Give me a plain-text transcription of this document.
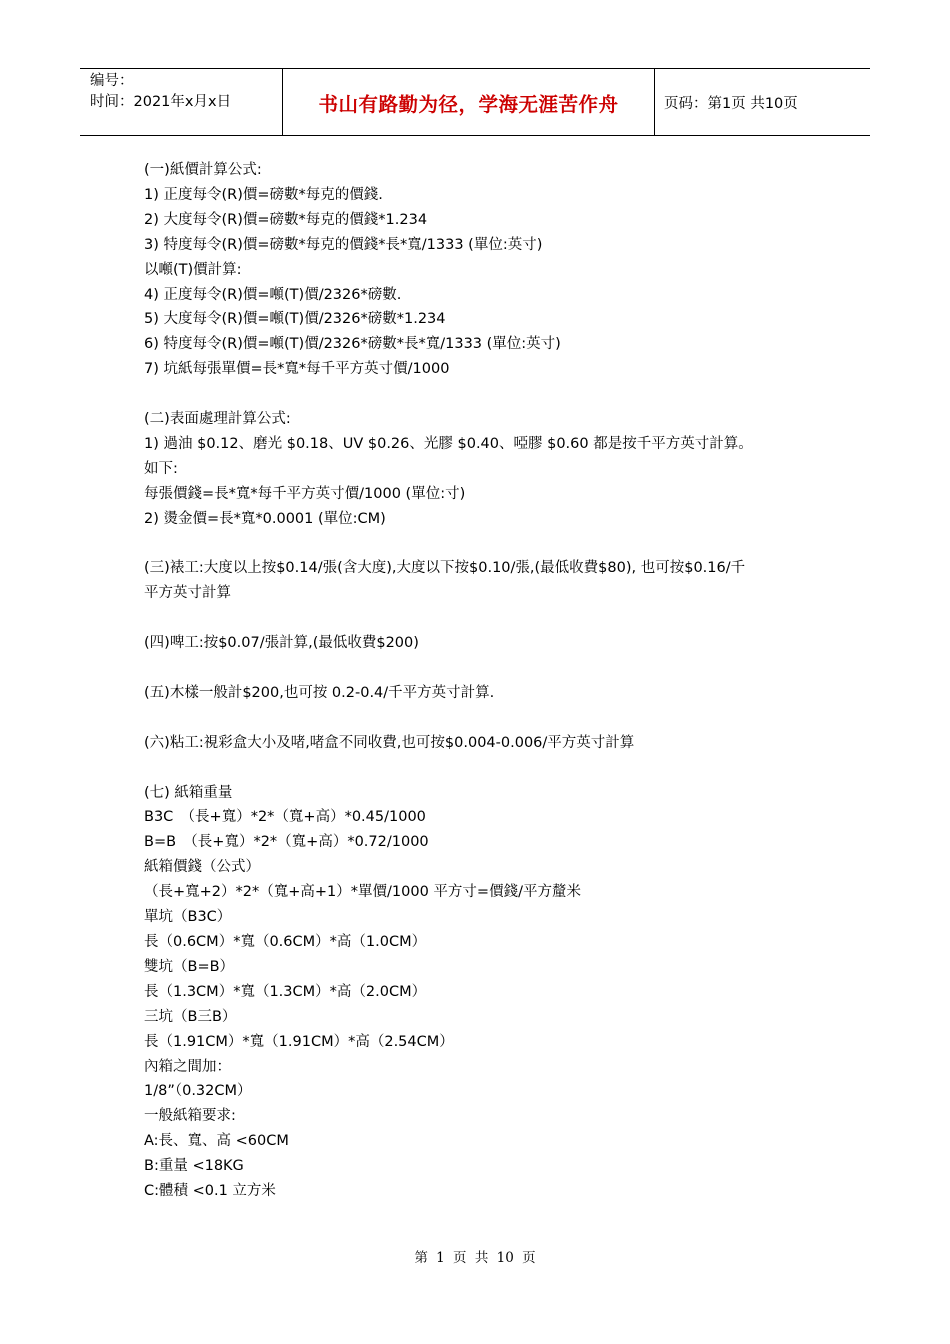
编号：
时间：2021年x月x日	书山有路勤为径，学海无涯苦作舟	页码：第1页 共10页
(一)紙價計算公式:
1) 正度每令(R)價=磅數*每克的價錢.
2) 大度每令(R)價=磅數*每克的價錢*1.234
3) 特度每令(R)價=磅數*每克的價錢*長*寬/1333 (單位:英寸)
以噸(T)價計算:
4) 正度每令(R)價=噸(T)價/2326*磅數.
5) 大度每令(R)價=噸(T)價/2326*磅數*1.234
6) 特度每令(R)價=噸(T)價/2326*磅數*長*寬/1333 (單位:英寸)
7) 坑紙每張單價=長*寬*每千平方英寸價/1000
(二)表面處理計算公式:
1) 過油 $0.12、磨光 $0.18、UV $0.26、光膠 $0.40、啞膠 $0.60 都是按千平方英寸計算。
如下:
每張價錢=長*寬*每千平方英寸價/1000 (單位:寸)
2) 燙金價=長*寬*0.0001 (單位:CM)
(三)裱工:大度以上按$0.14/張(含大度),大度以下按$0.10/張,(最低收費$80), 也可按$0.16/千
平方英寸計算
(四)啤工:按$0.07/張計算,(最低收費$200)
(五)木樣一般計$200,也可按 0.2-0.4/千平方英寸計算.
(六)粘工:視彩盒大小及啫,啫盒不同收費,也可按$0.004-0.006/平方英寸計算
(七) 紙箱重量
B3C　（長+寬）*2*（寬+高）*0.45/1000
B=B　（長+寬）*2*（寬+高）*0.72/1000
紙箱價錢（公式）
（長+寬+2）*2*（寬+高+1）*單價/1000 平方寸=價錢/平方釐米
單坑（B3C）
長（0.6CM）*寬（0.6CM）*高（1.0CM）
雙坑（B=B）
長（1.3CM）*寬（1.3CM）*高（2.0CM）
三坑（B三B）
長（1.91CM）*寬（1.91CM）*高（2.54CM）
內箱之間加：
1/8”（0.32CM）
一般紙箱要求:
A:長、寬、高 <60CM
B:重量 <18KG
C:體積 <0.1 立方米
第 1 页 共 10 页
